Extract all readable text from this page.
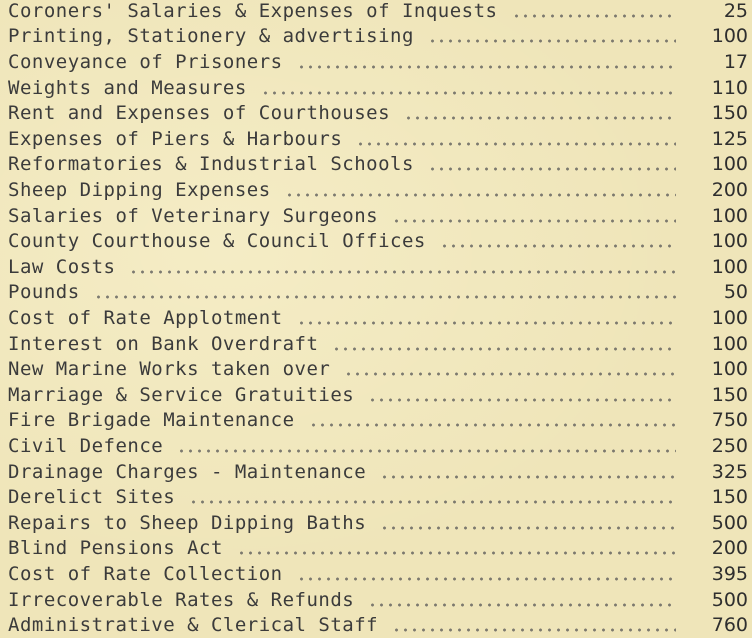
Coroners' Salaries & Expenses of Inquests	25
Printing, Stationery & advertising	100
Conveyance of Prisoners	17
Weights and Measures	110
Rent and Expenses of Courthouses	150
Expenses of Piers & Harbours	125
Reformatories & Industrial Schools	100
Sheep Dipping Expenses	200
Salaries of Veterinary Surgeons	100
County Courthouse & Council Offices	100
Law Costs	100
Pounds	50
Cost of Rate Applotment	100
Interest on Bank Overdraft	100
New Marine Works taken over	100
Marriage & Service Gratuities	150
Fire Brigade Maintenance	750
Civil Defence	250
Drainage Charges - Maintenance	325
Derelict Sites	150
Repairs to Sheep Dipping Baths	500
Blind Pensions Act	200
Cost of Rate Collection	395
Irrecoverable Rates & Refunds	500
Administrative & Clerical Staff	760
